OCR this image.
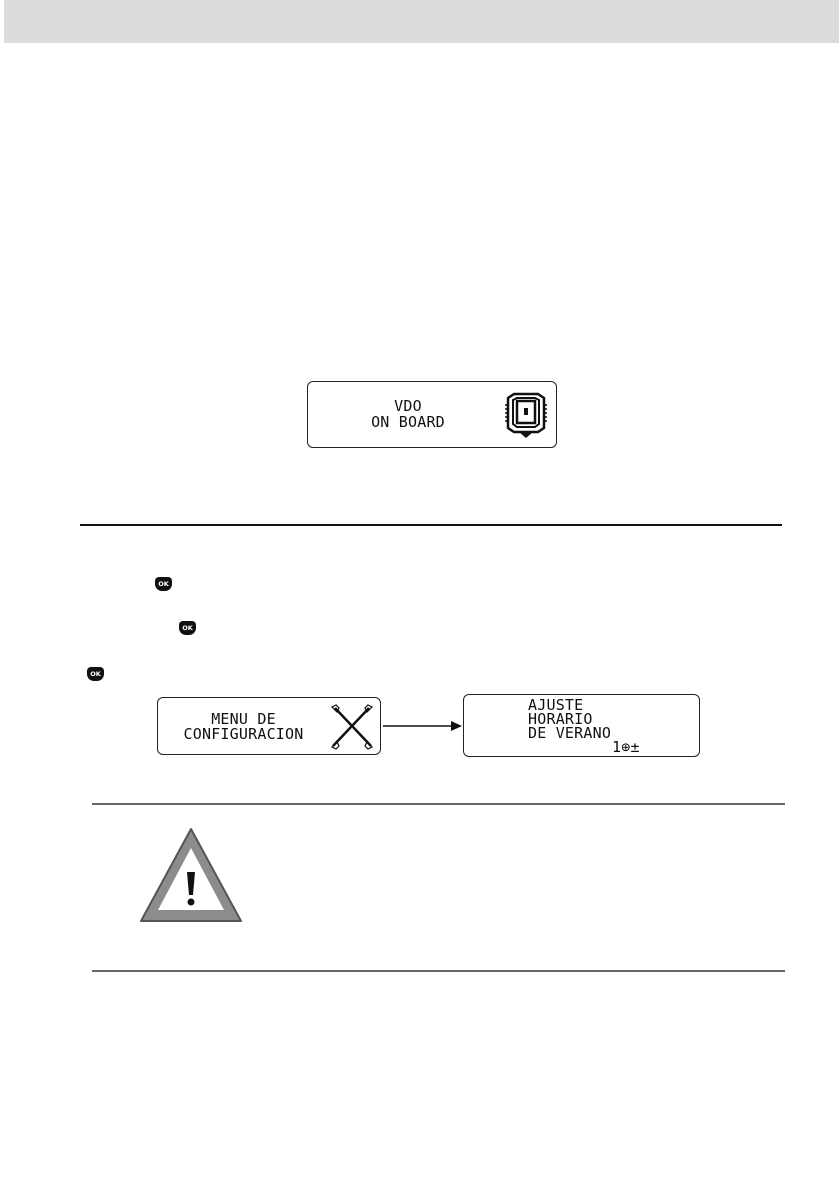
VDO
ON BOARD
OK
OK
OK
MENU DE
CONFIGURACION
AJUSTE
HORARIO
DE VERANO
1⊕±
